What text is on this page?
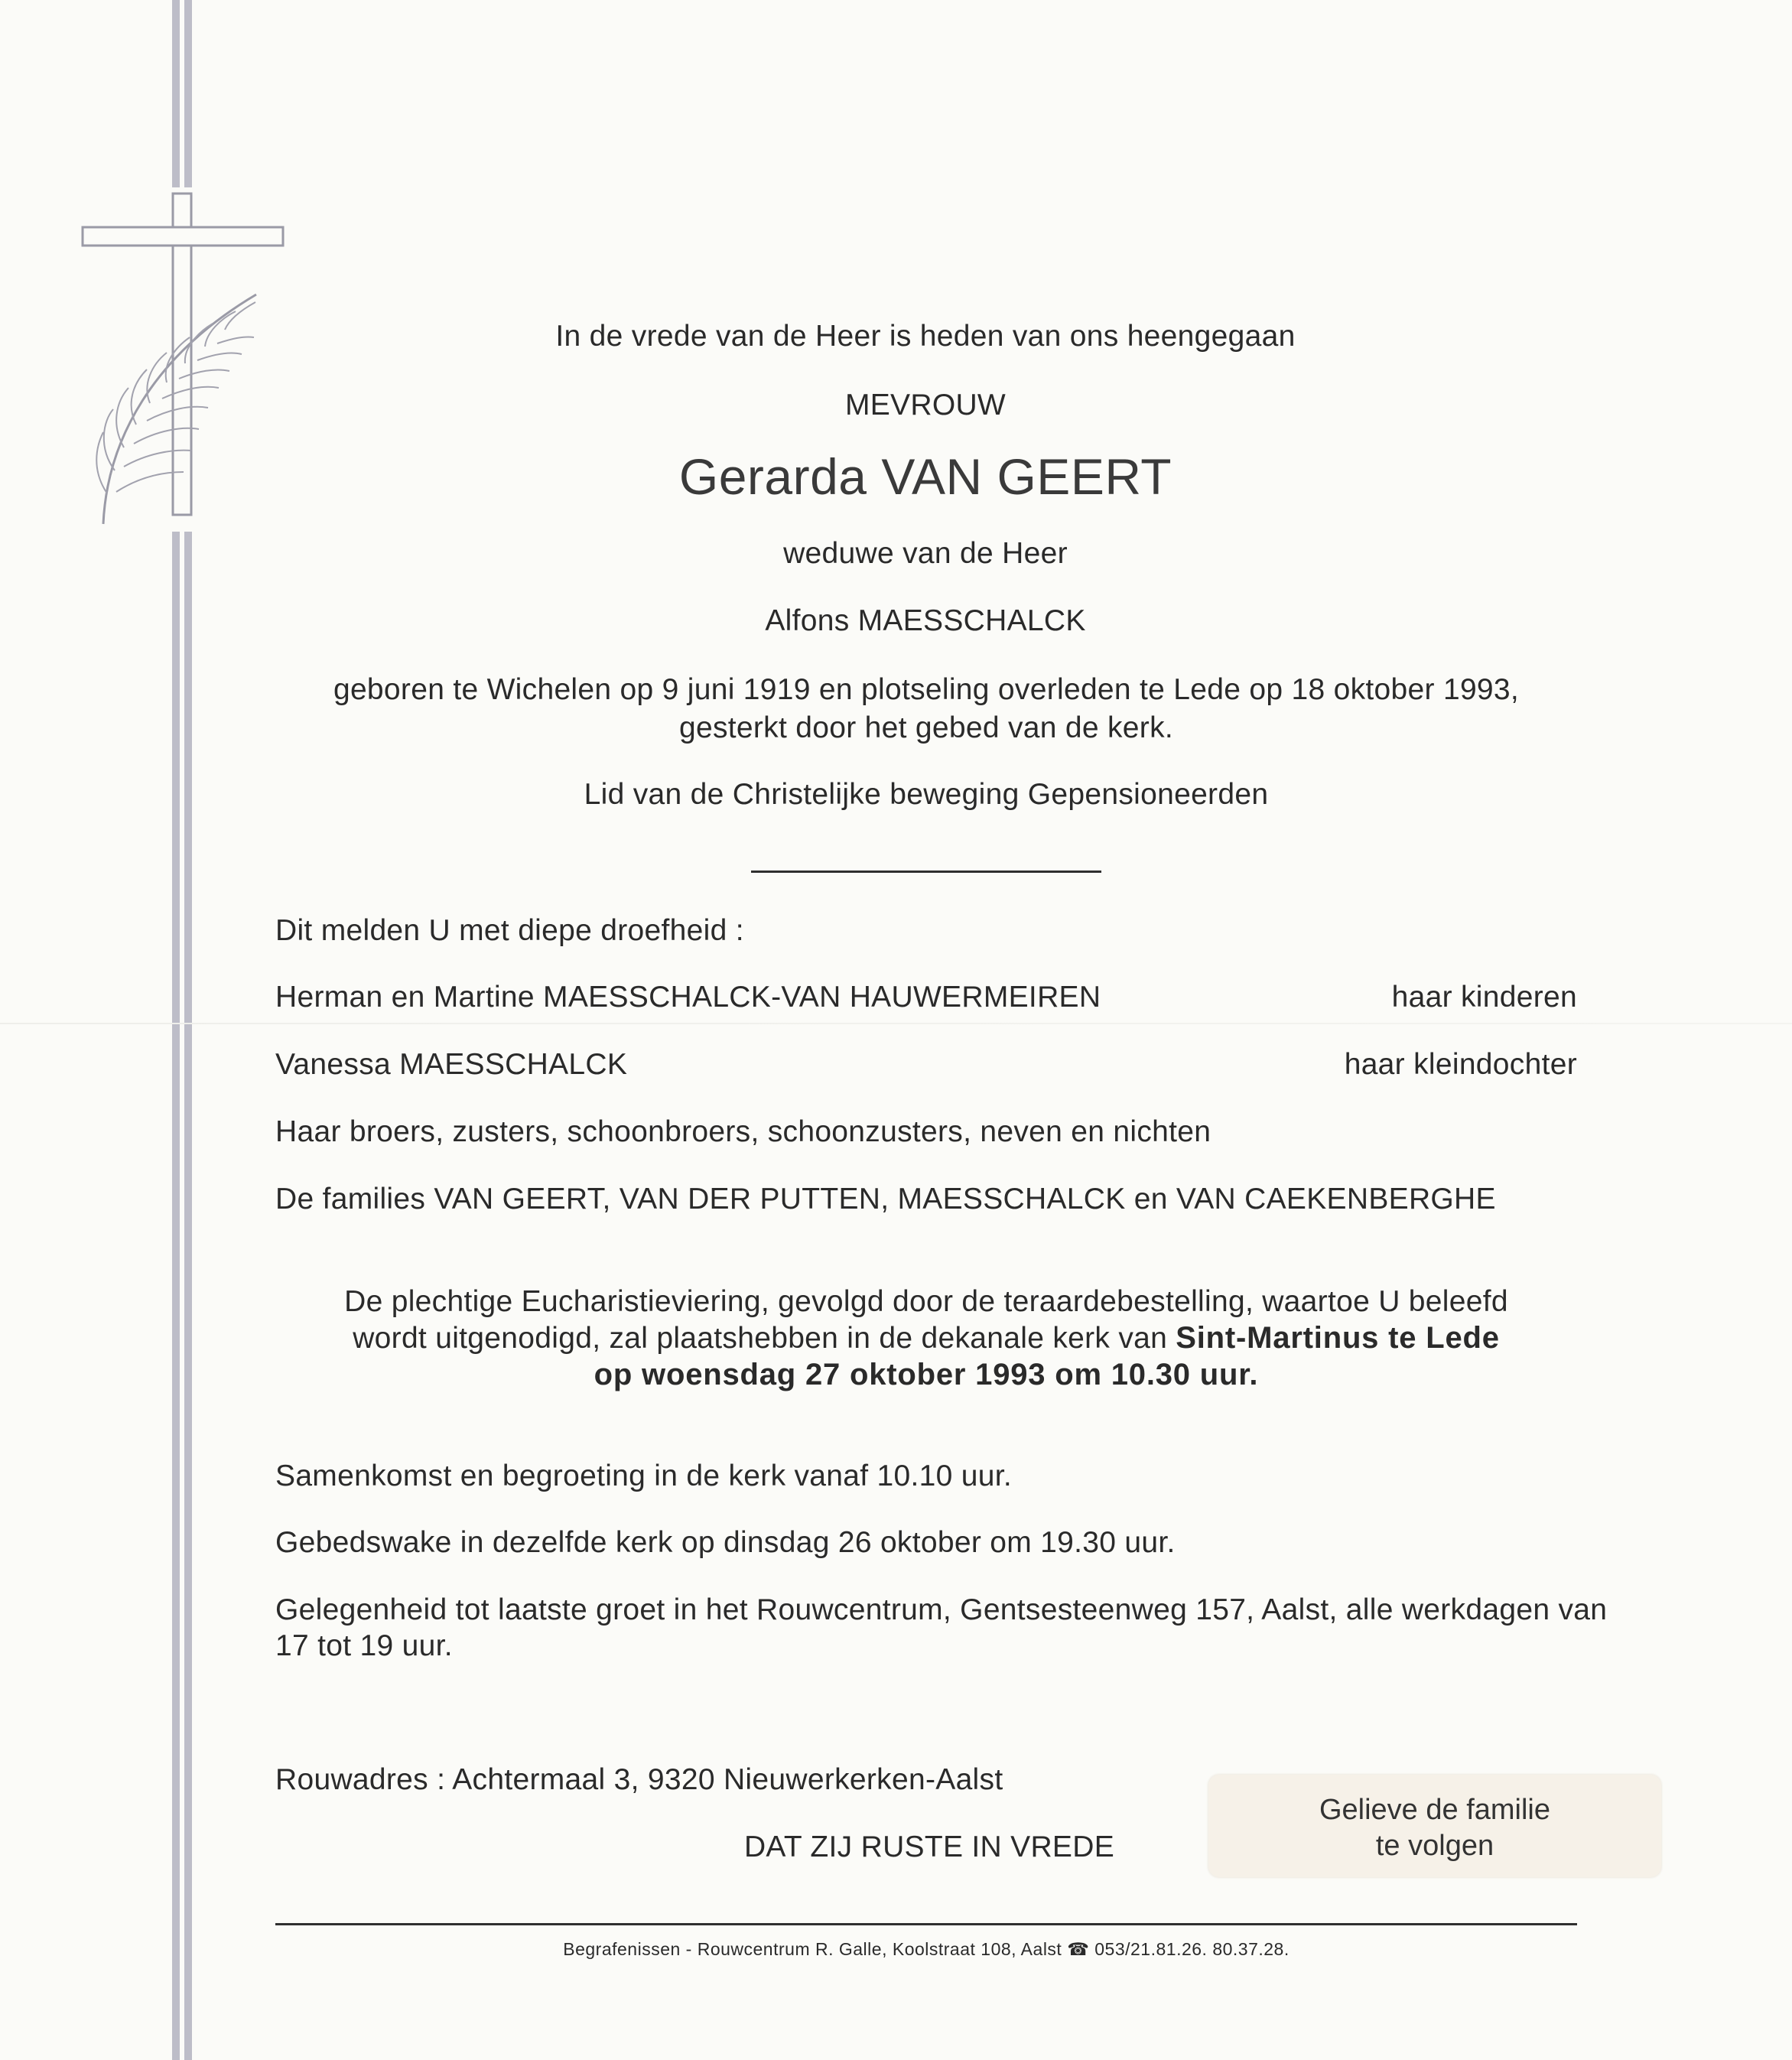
In de vrede van de Heer is heden van ons heengegaan
MEVROUW
Gerarda VAN GEERT
weduwe van de Heer
Alfons MAESSCHALCK
geboren te Wichelen op 9 juni 1919 en plotseling overleden te Lede op 18 oktober 1993,
gesterkt door het gebed van de kerk.
Lid van de Christelijke beweging Gepensioneerden
Dit melden U met diepe droefheid :
Herman en Martine MAESSCHALCK-VAN HAUWERMEIREN	haar kinderen
Vanessa MAESSCHALCK	haar kleindochter
Haar broers, zusters, schoonbroers, schoonzusters, neven en nichten
De families VAN GEERT, VAN DER PUTTEN, MAESSCHALCK en VAN CAEKENBERGHE
De plechtige Eucharistieviering, gevolgd door de teraardebestelling, waartoe U beleefd
wordt uitgenodigd, zal plaatshebben in de dekanale kerk van Sint-Martinus te Lede
op woensdag 27 oktober 1993 om 10.30 uur.
Samenkomst en begroeting in de kerk vanaf 10.10 uur.
Gebedswake in dezelfde kerk op dinsdag 26 oktober om 19.30 uur.
Gelegenheid tot laatste groet in het Rouwcentrum, Gentsesteenweg 157, Aalst, alle werkdagen van
17 tot 19 uur.
Rouwadres : Achtermaal 3, 9320 Nieuwerkerken-Aalst
DAT ZIJ RUSTE IN VREDE
Gelieve de familie
te volgen
Begrafenissen - Rouwcentrum R. Galle, Koolstraat 108, Aalst ☎ 053/21.81.26. 80.37.28.
